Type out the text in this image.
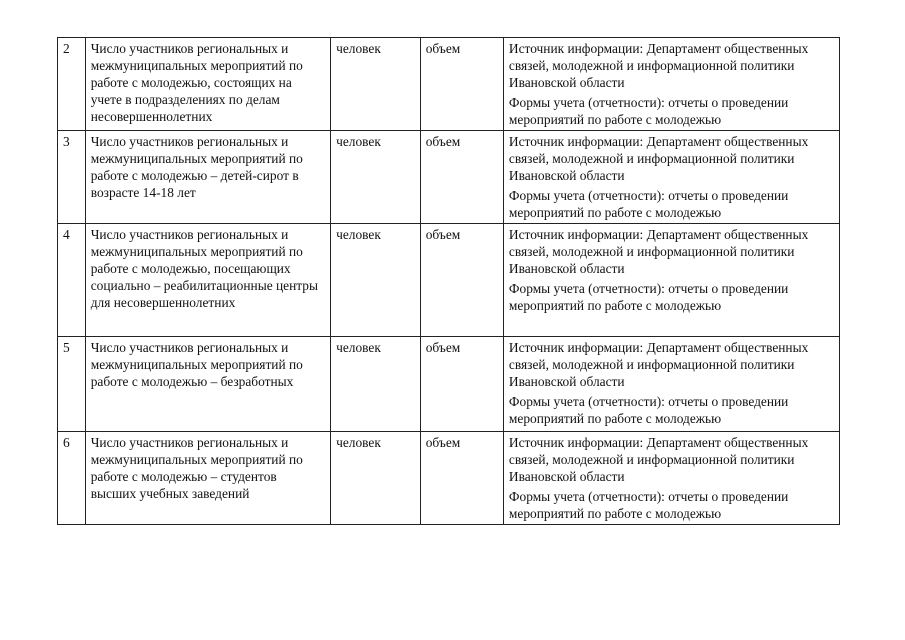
2	Число участников региональных и межмуниципальных мероприятий по работе с молодежью, состоящих на учете в подразделениях по делам несовершеннолетних	человек	объем	Источник информации: Департамент общественных связей, молодежной и информационной политики Ивановской области
Формы учета (отчетности): отчеты о проведении мероприятий по работе с молодежью

3	Число участников региональных и межмуниципальных мероприятий по работе с молодежью – детей-сирот в возрасте 14-18 лет	человек	объем	Источник информации: Департамент общественных связей, молодежной и информационной политики Ивановской области
Формы учета (отчетности): отчеты о проведении мероприятий по работе с молодежью

4	Число участников региональных и межмуниципальных мероприятий по работе с молодежью, посещающих социально – реабилитационные центры для несовершеннолетних	человек	объем	Источник информации: Департамент общественных связей, молодежной и информационной политики Ивановской области
Формы учета (отчетности): отчеты о проведении мероприятий по работе с молодежью

5	Число участников региональных и межмуниципальных мероприятий по работе с молодежью – безработных	человек	объем	Источник информации: Департамент общественных связей, молодежной и информационной политики Ивановской области
Формы учета (отчетности): отчеты о проведении мероприятий по работе с молодежью

6	Число участников региональных и межмуниципальных мероприятий по работе с молодежью – студентов высших учебных заведений	человек	объем	Источник информации: Департамент общественных связей, молодежной и информационной политики Ивановской области
Формы учета (отчетности): отчеты о проведении мероприятий по работе с молодежью
